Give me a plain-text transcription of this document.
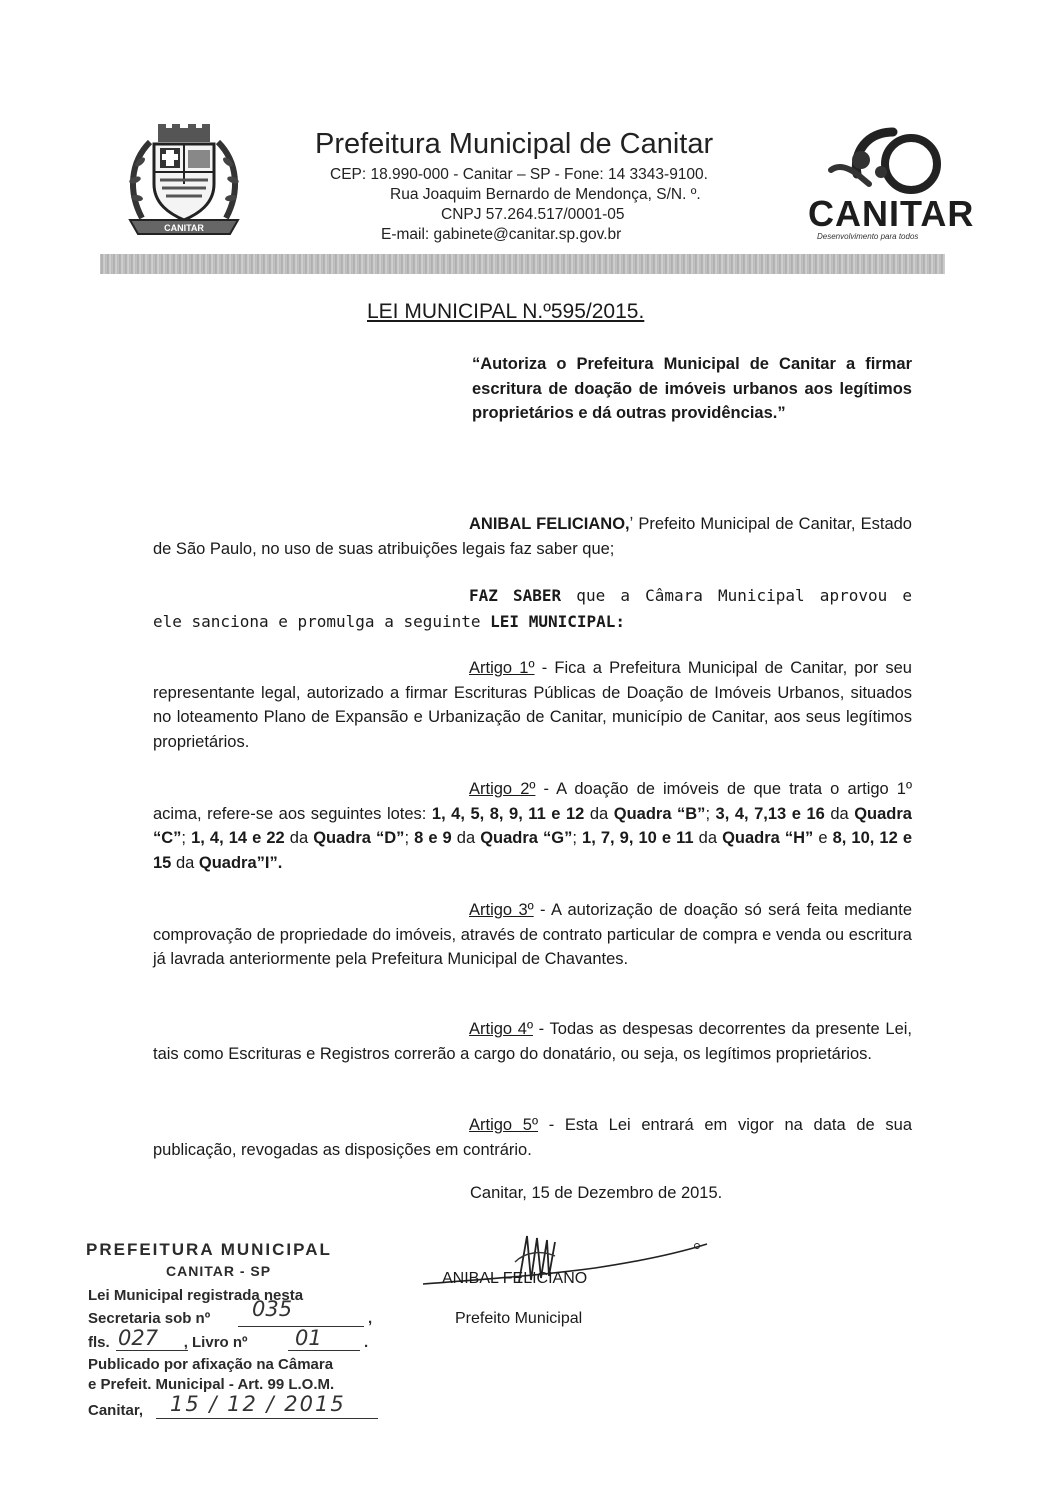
CANITAR
Prefeitura Municipal de Canitar
CEP: 18.990-000 - Canitar – SP - Fone: 14 3343-9100.
Rua Joaquim Bernardo de Mendonça, S/N. º.
CNPJ 57.264.517/0001-05
E-mail: gabinete@canitar.sp.gov.br
CANITAR
Desenvolvimento para todos
LEI MUNICIPAL N.º595/2015.
“Autoriza o Prefeitura Municipal de Canitar a firmar escritura de doação de imóveis urbanos aos legítimos proprietários e dá outras providências.”
ANIBAL FELICIANO,ʼ Prefeito Municipal de Canitar, Estado de São Paulo, no uso de suas atribuições legais faz saber que;
FAZ SABER que a Câmara Municipal aprovou e ele sanciona e promulga a seguinte LEI MUNICIPAL:
Artigo 1º - Fica a Prefeitura Municipal de Canitar, por seu representante legal, autorizado a firmar Escrituras Públicas de Doação de Imóveis Urbanos, situados no loteamento Plano de Expansão e Urbanização de Canitar, município de Canitar, aos seus legítimos proprietários.
Artigo 2º - A doação de imóveis de que trata o artigo 1º acima, refere-se aos seguintes lotes: 1, 4, 5, 8, 9, 11 e 12 da Quadra “B”; 3, 4, 7,13 e 16 da Quadra “C”; 1, 4, 14 e 22 da Quadra “D”; 8 e 9 da Quadra “G”; 1, 7, 9, 10 e 11 da Quadra “H” e 8, 10, 12 e 15 da Quadra”I”.
Artigo 3º - A autorização de doação só será feita mediante comprovação de propriedade do imóveis, através de contrato particular de compra e venda ou escritura já lavrada anteriormente pela Prefeitura Municipal de Chavantes.
Artigo 4º - Todas as despesas decorrentes da presente Lei, tais como Escrituras e Registros correrão a cargo do donatário, ou seja, os legítimos proprietários.
Artigo 5º - Esta Lei entrará em vigor na data de sua publicação, revogadas as disposições em contrário.
Canitar, 15 de Dezembro de 2015.
ANIBAL FELICIANO
Prefeito Municipal
PREFEITURA MUNICIPAL
CANITAR - SP
Lei Municipal registrada nesta
Secretaria sob nº	,
fls.	, Livro nº	.
Publicado por afixação na Câmara
e Prefeit. Municipal - Art. 99 L.O.M.
Canitar,
035
027	01
15 / 12 / 2015
